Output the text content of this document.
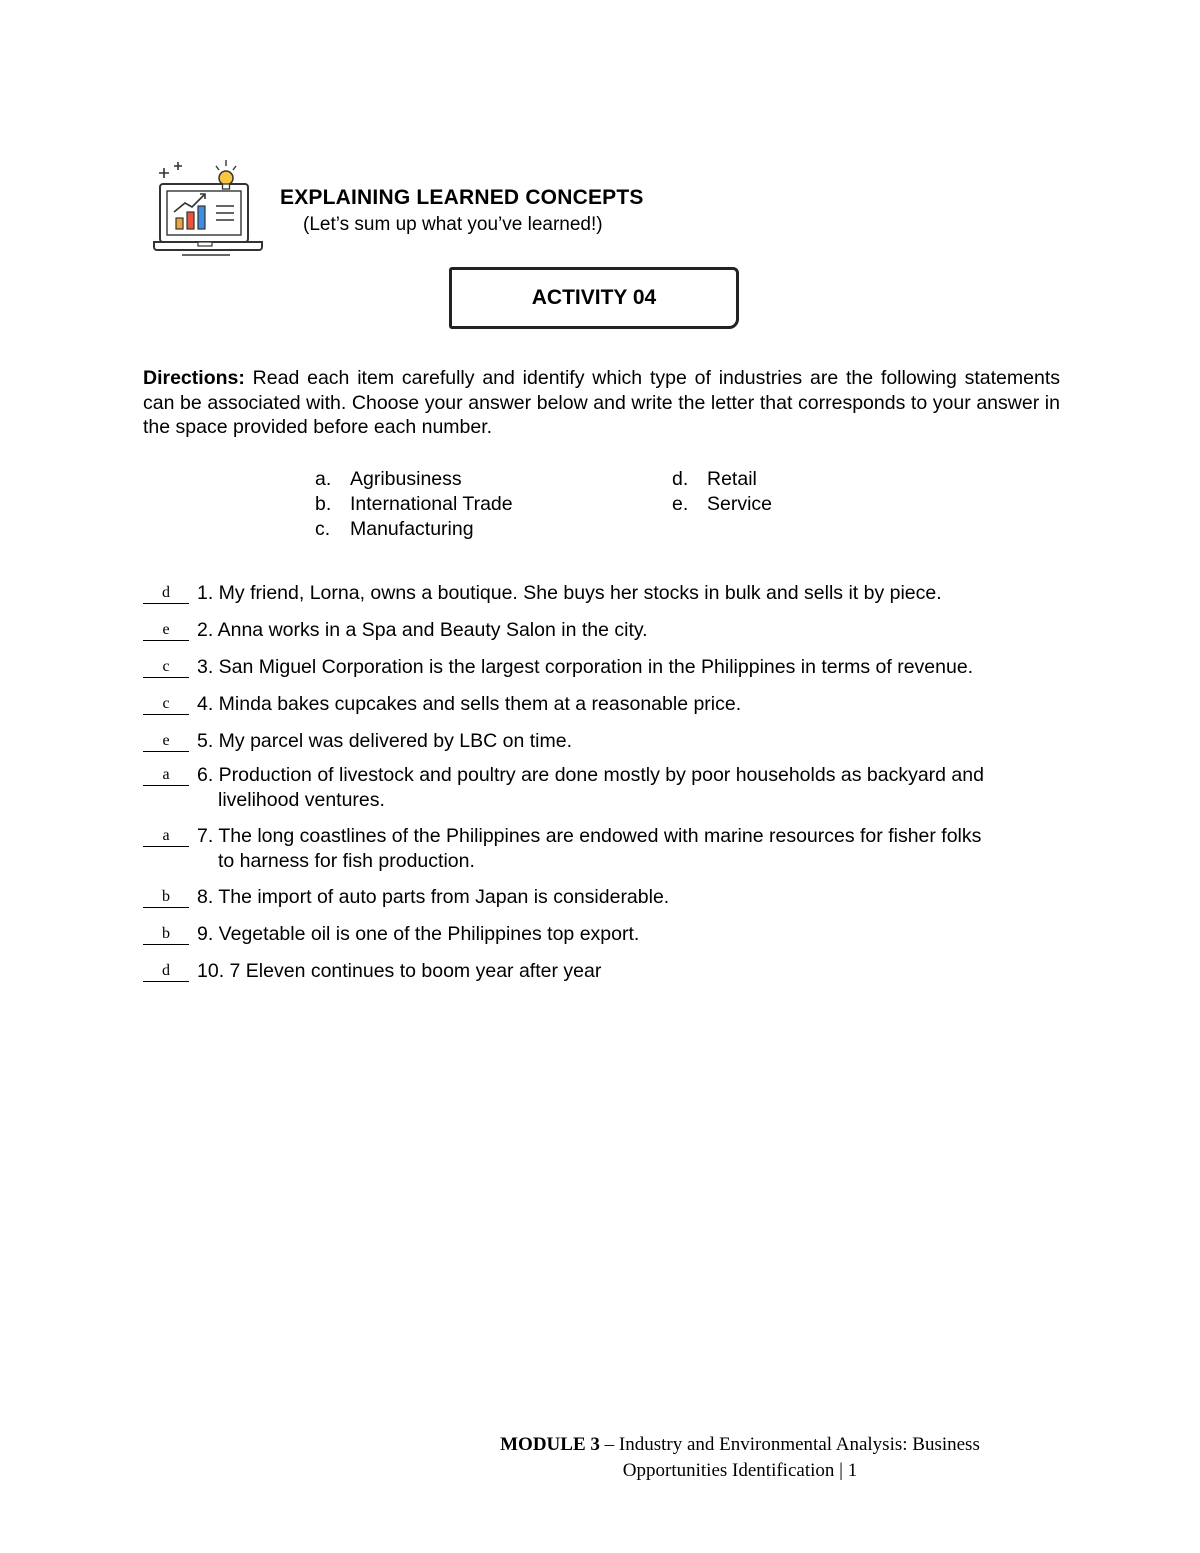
EXPLAINING LEARNED CONCEPTS
(Let’s sum up what you’ve learned!)
ACTIVITY 04
Directions: Read each item carefully and identify which type of industries are the following statements can be associated with. Choose your answer below and write the letter that corresponds to your answer in the space provided before each number.
a. Agribusiness
b. International Trade
c.	Manufacturing
d. Retail
e. Service
d	1. My friend, Lorna, owns a boutique. She buys her stocks in bulk and sells it by piece.
e	2. Anna works in a Spa and Beauty Salon in the city.
c	3. San Miguel Corporation is the largest corporation in the Philippines in terms of revenue.
c	4. Minda bakes cupcakes and sells them at a reasonable price.
e	5. My parcel was delivered by LBC on time.
a	6. Production of livestock and poultry are done mostly by poor households as backyard and
livelihood ventures.
a	7. The long coastlines of the Philippines are endowed with marine resources for fisher folks
to harness for fish production.
b	8. The import of auto parts from Japan is considerable.
b	9. Vegetable oil is one of the Philippines top export.
d	10. 7 Eleven continues to boom year after year
MODULE 3 – Industry and Environmental Analysis: Business
Opportunities Identification | 1
